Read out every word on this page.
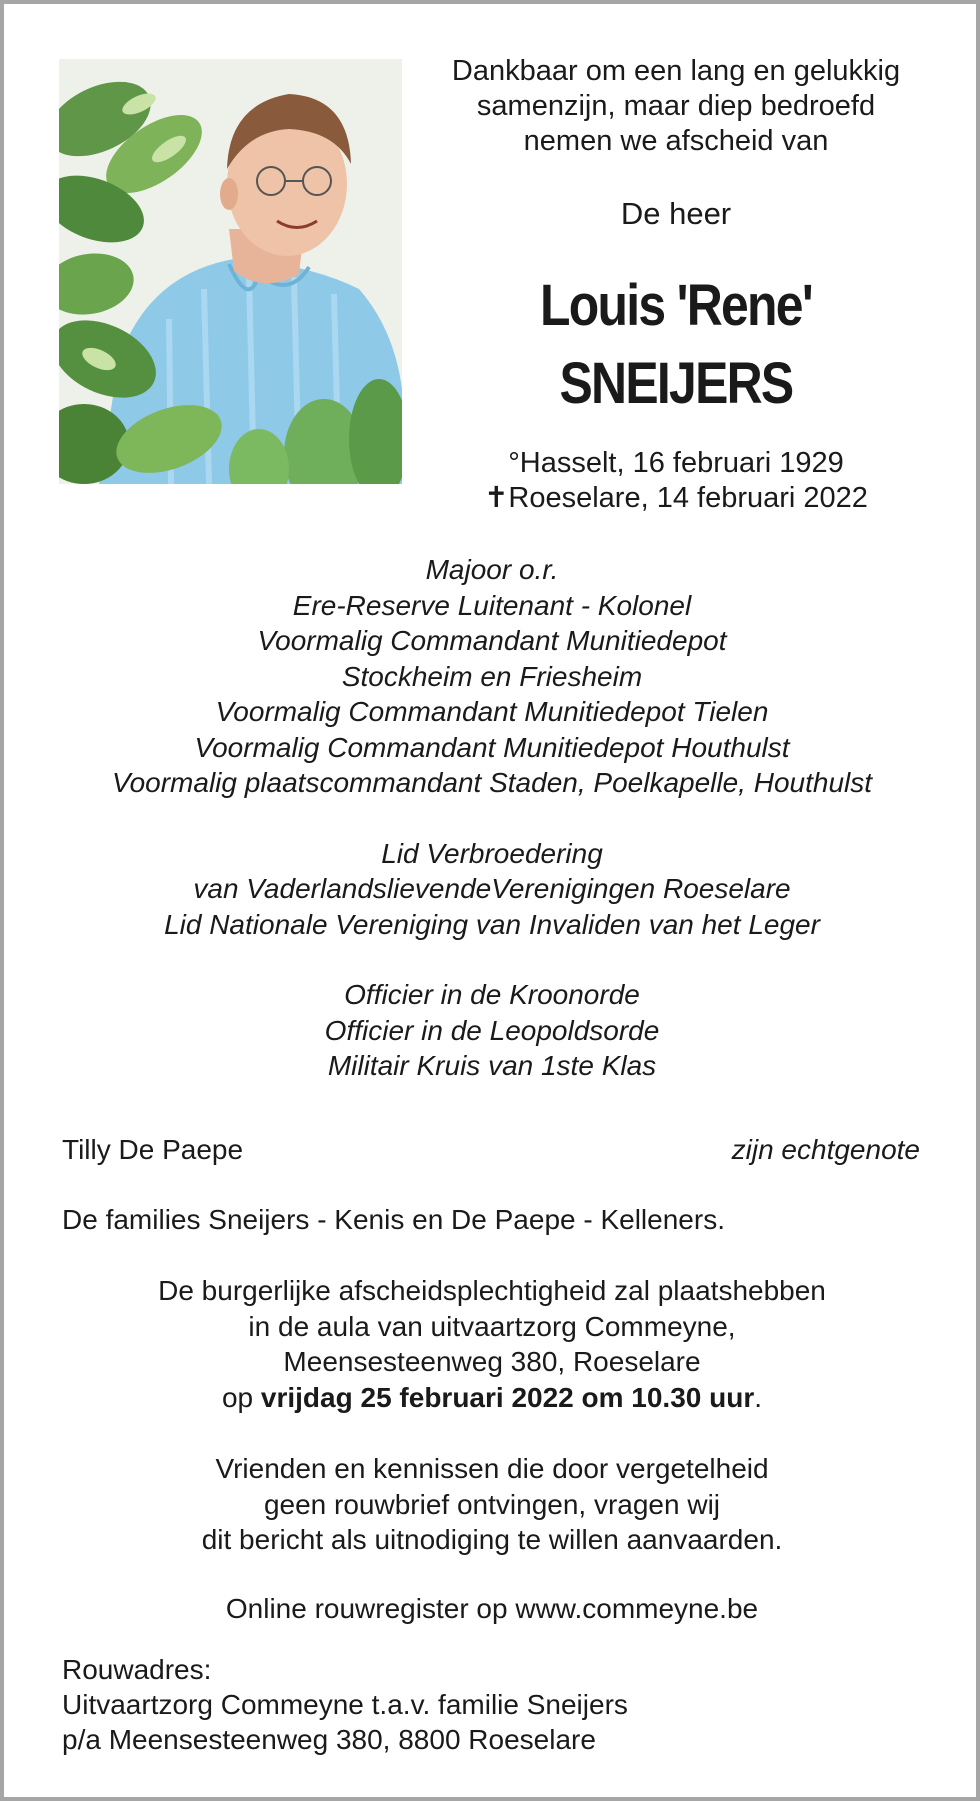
Dankbaar om een lang en gelukkig
samenzijn, maar diep bedroefd
nemen we afscheid van
De heer
Louis 'Rene'
SNEIJERS
°Hasselt, 16 februari 1929
✝Roeselare, 14 februari 2022
Majoor o.r.
Ere-Reserve Luitenant - Kolonel
Voormalig Commandant Munitiedepot
Stockheim en Friesheim
Voormalig Commandant Munitiedepot Tielen
Voormalig Commandant Munitiedepot Houthulst
Voormalig plaatscommandant Staden, Poelkapelle, Houthulst
Lid Verbroedering
van VaderlandslievendeVerenigingen Roeselare
Lid Nationale Vereniging van Invaliden van het Leger
Officier in de Kroonorde
Officier in de Leopoldsorde
Militair Kruis van 1ste Klas
Tilly De Paepe	zijn echtgenote
De families Sneijers - Kenis en De Paepe - Kelleners.
De burgerlijke afscheidsplechtigheid zal plaatshebben
in de aula van uitvaartzorg Commeyne,
Meensesteenweg 380, Roeselare
op vrijdag 25 februari 2022 om 10.30 uur.
Vrienden en kennissen die door vergetelheid
geen rouwbrief ontvingen, vragen wij
dit bericht als uitnodiging te willen aanvaarden.
Online rouwregister op www.commeyne.be
Rouwadres:
Uitvaartzorg Commeyne t.a.v. familie Sneijers
p/a Meensesteenweg 380, 8800 Roeselare
